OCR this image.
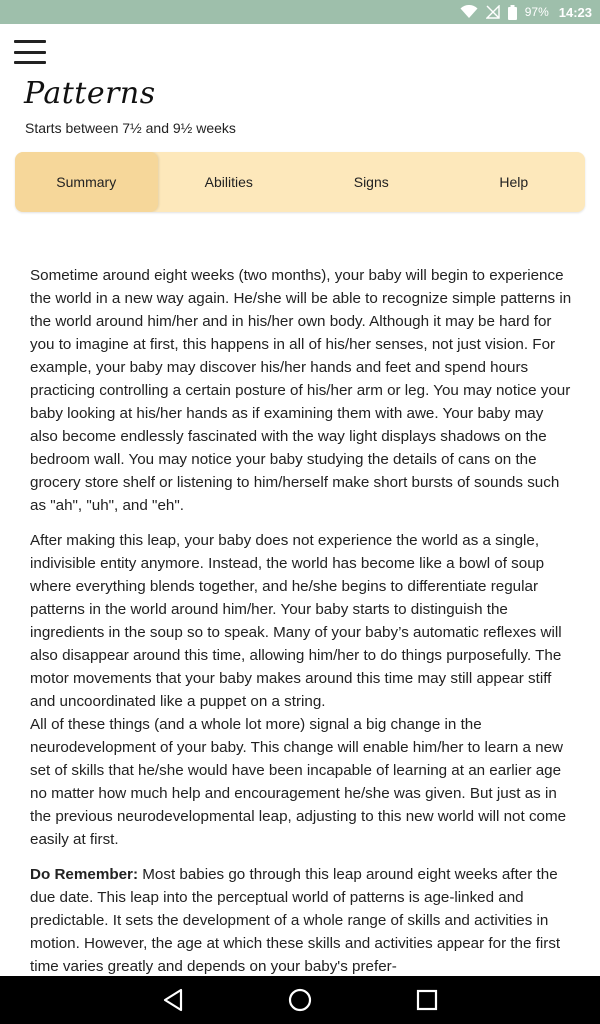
97% 14:23
Patterns
Starts between 7½ and 9½ weeks
Summary	Abilities	Signs	Help

Sometime around eight weeks (two months), your baby will begin to experience the world in a new way again. He/she will be able to recognize simple patterns in the world around him/her and in his/her own body. Although it may be hard for you to imagine at first, this happens in all of his/her senses, not just vision. For example, your baby may discover his/her hands and feet and spend hours practicing controlling a certain posture of his/her arm or leg. You may notice your baby looking at his/her hands as if examining them with awe. Your baby may also become endlessly fascinated with the way light displays shadows on the bedroom wall. You may notice your baby studying the details of cans on the grocery store shelf or listening to him/herself make short bursts of sounds such as "ah", "uh", and "eh".

After making this leap, your baby does not experience the world as a single, indivisible entity anymore. Instead, the world has become like a bowl of soup where everything blends together, and he/she begins to differentiate regular patterns in the world around him/her. Your baby starts to distinguish the ingredients in the soup so to speak. Many of your baby’s automatic reflexes will also disappear around this time, allowing him/her to do things purposefully. The motor movements that your baby makes around this time may still appear stiff and uncoordinated like a puppet on a string.

All of these things (and a whole lot more) signal a big change in the neurodevelopment of your baby. This change will enable him/her to learn a new set of skills that he/she would have been incapable of learning at an earlier age no matter how much help and encouragement he/she was given. But just as in the previous neurodevelopmental leap, adjusting to this new world will not come easily at first.

Do Remember: Most babies go through this leap around eight weeks after the due date. This leap into the perceptual world of patterns is age-linked and predictable. It sets the development of a whole range of skills and activities in motion. However, the age at which these skills and activities appear for the first time varies greatly and depends on your baby's prefer-
